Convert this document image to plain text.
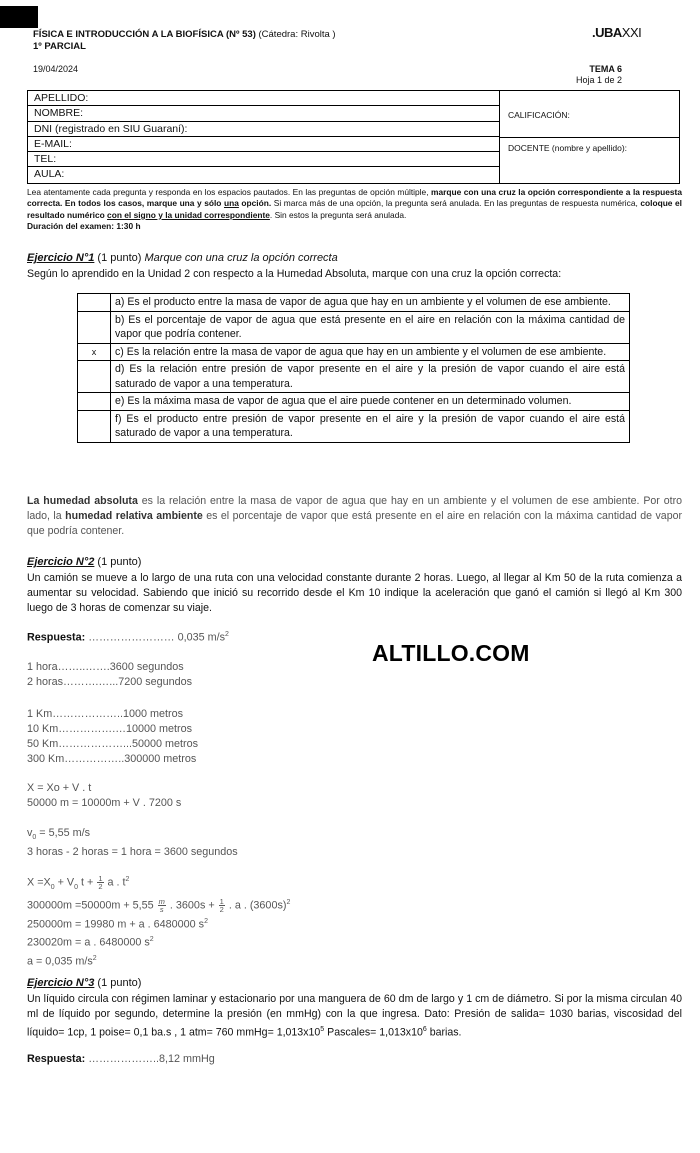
FÍSICA E INTRODUCCIÓN A LA BIOFÍSICA (Nº 53) (Cátedra: Rivolta )
1º PARCIAL
19/04/2024
.UBAXXI
TEMA 6
Hoja 1 de 2
APELLIDO:
NOMBRE:
DNI (registrado en SIU Guaraní):
E-MAIL:
TEL:
AULA:
CALIFICACIÓN:
DOCENTE (nombre y apellido):
Lea atentamente cada pregunta y responda en los espacios pautados. En las preguntas de opción múltiple, marque con una cruz la opción correspondiente a la respuesta correcta. En todos los casos, marque una y sólo una opción. Si marca más de una opción, la pregunta será anulada. En las preguntas de respuesta numérica, coloque el resultado numérico con el signo y la unidad correspondiente. Sin estos la pregunta será anulada.
Duración del examen: 1:30 h
Ejercicio N°1 (1 punto) Marque con una cruz la opción correcta
Según lo aprendido en la Unidad 2 con respecto a la Humedad Absoluta, marque con una cruz la opción correcta:
	a) Es el producto entre la masa de vapor de agua que hay en un ambiente y el volumen de ese ambiente.
	b) Es el porcentaje de vapor de agua que está presente en el aire en relación con la máxima cantidad de vapor que podría contener.
x	c) Es la relación entre la masa de vapor de agua que hay en un ambiente y el volumen de ese ambiente.
	d) Es la relación entre presión de vapor presente en el aire y la presión de vapor cuando el aire está saturado de vapor a una temperatura.
	e) Es la máxima masa de vapor de agua que el aire puede contener en un determinado volumen.
	f) Es el producto entre presión de vapor presente en el aire y la presión de vapor cuando el aire está saturado de vapor a una temperatura.
La humedad absoluta es la relación entre la masa de vapor de agua que hay en un ambiente y el volumen de ese ambiente. Por otro lado, la humedad relativa ambiente es el porcentaje de vapor que está presente en el aire en relación con la máxima cantidad de vapor que podría contener.
Ejercicio N°2 (1 punto)
Un camión se mueve a lo largo de una ruta con una velocidad constante durante 2 horas. Luego, al llegar al Km 50 de la ruta comienza a aumentar su velocidad. Sabiendo que inició su recorrido desde el Km 10 indique la aceleración que ganó el camión si llegó al Km 300 luego de 3 horas de comenzar su viaje.
Respuesta: …………………… 0,035 $m/s^2$
ALTILLO.COM
1 hora……..…….3600 segundos
2 horas……….…...7200 segundos
1 Km………………..1000 metros
10 Km…………….…10000 metros
50 Km………………...50000 metros
300 Km……………..300000 metros
X = Xo + V . t
50000 m = 10000m + V . 7200 s
$v_0 = 5,55$ m/s
3 horas - 2 horas = 1 hora = 3600 segundos
$X =X_0 + V_0$ $t + \frac{1}{2}$ a . $t^2$
$300000m =50000m + 5,55 \frac{m}{s}$ . $3600s + \frac{1}{2}$ . a . $(3600s)^2$
250000m = 19980 m + a . 6480000 $s^2$
230020m = a . 6480000 $s^2$
a = 0,035 $m/s^2$
Ejercicio N°3 (1 punto)
Un líquido circula con régimen laminar y estacionario por una manguera de 60 dm de largo y 1 cm de diámetro. Si por la misma circulan 40 ml de líquido por segundo, determine la presión (en mmHg) con la que ingresa. Dato: Presión de salida= 1030 barias, viscosidad del líquido= 1cp, 1 poise= 0,1 ba.s , 1 atm= 760 mmHg= $1,013x10^5$ Pascales= $1,013x10^6$ barias.
Respuesta: ………………..8,12 mmHg
